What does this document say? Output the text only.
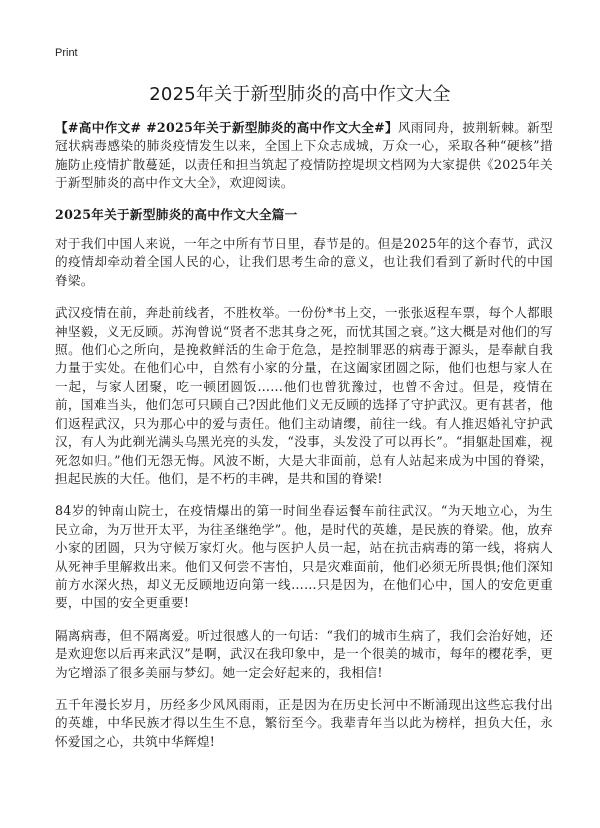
Print
2025年关于新型肺炎的高中作文大全

【#高中作文# #2025年关于新型肺炎的高中作文大全#】风雨同舟，披荆斩棘。新型冠状病毒感染的肺炎疫情发生以来，全国上下众志成城，万众一心，采取各种“硬核”措施防止疫情扩散蔓延，以责任和担当筑起了疫情防控堤坝文档网为大家提供《2025年关于新型肺炎的高中作文大全》，欢迎阅读。

2025年关于新型肺炎的高中作文大全篇一

对于我们中国人来说，一年之中所有节日里，春节是的。但是2025年的这个春节，武汉的疫情却牵动着全国人民的心，让我们思考生命的意义，也让我们看到了新时代的中国脊梁。

武汉疫情在前，奔赴前线者，不胜枚举。一份份*书上交，一张张返程车票，每个人都眼神坚毅，义无反顾。苏洵曾说“贤者不悲其身之死，而忧其国之衰。”这大概是对他们的写照。他们心之所向，是挽救鲜活的生命于危急，是控制罪恶的病毒于源头，是奉献自我力量于实处。在他们心中，自然有小家的分量，在这阖家团圆之际，他们也想与家人在一起，与家人团聚，吃一顿团圆饭……他们也曾犹豫过，也曾不舍过。但是，疫情在前，国难当头，他们怎可只顾自己?因此他们义无反顾的选择了守护武汉。更有甚者，他们返程武汉，只为那心中的爱与责任。他们主动请缨，前往一线。有人推迟婚礼守护武汉，有人为此剃光满头乌黑光亮的头发，“没事，头发没了可以再长”。“捐躯赴国难，视死忽如归。”他们无怨无悔。风波不断，大是大非面前，总有人站起来成为中国的脊梁，担起民族的大任。他们，是不朽的丰碑，是共和国的脊梁!

84岁的钟南山院士，在疫情爆出的第一时间坐春运餐车前往武汉。“为天地立心，为生民立命，为万世开太平，为往圣继绝学”。他，是时代的英雄，是民族的脊梁。他，放弃小家的团圆，只为守候万家灯火。他与医护人员一起，站在抗击病毒的第一线，将病人从死神手里解救出来。他们又何尝不害怕，只是灾难面前，他们必须无所畏惧;他们深知前方水深火热，却义无反顾地迈向第一线……只是因为，在他们心中，国人的安危更重要，中国的安全更重要!

隔离病毒，但不隔离爱。听过很感人的一句话：“我们的城市生病了，我们会治好她，还是欢迎您以后再来武汉”是啊，武汉在我印象中，是一个很美的城市，每年的樱花季，更为它增添了很多美丽与梦幻。她一定会好起来的，我相信!

五千年漫长岁月，历经多少风风雨雨，正是因为在历史长河中不断涌现出这些忘我付出的英雄，中华民族才得以生生不息，繁衍至今。我辈青年当以此为榜样，担负大任，永怀爱国之心，共筑中华辉煌!
